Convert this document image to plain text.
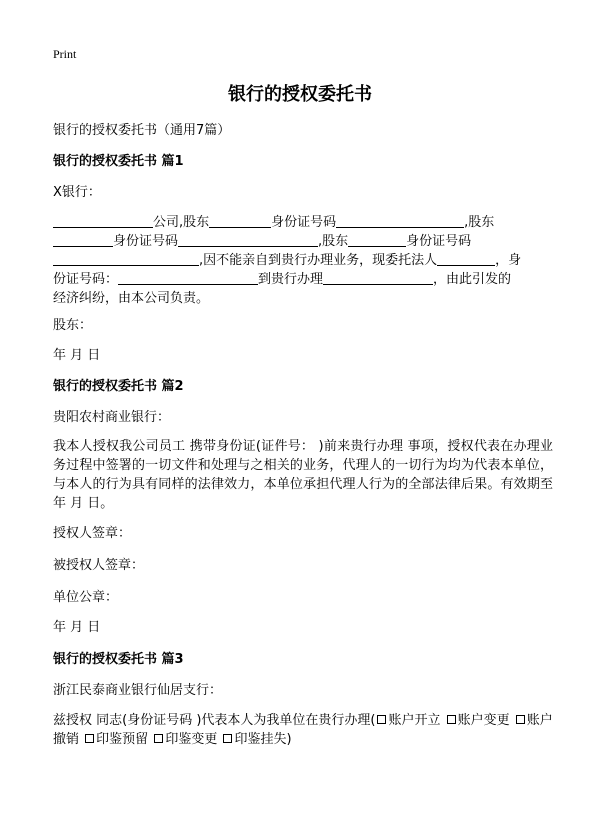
Print
银行的授权委托书

银行的授权委托书（通用7篇）

银行的授权委托书 篇1

X银行：

公司,股东	身份证号码	,股东
身份证号码	,股东	身份证号码
,因不能亲自到贵行办理业务，现委托法人	，身
份证号码：	到贵行办理	，由此引发的
经济纠纷，由本公司负责。

股东：

年 月 日

银行的授权委托书 篇2

贵阳农村商业银行：

我本人授权我公司员工 携带身份证(证件号： )前来贵行办理 事项，授权代表在办理业务过程中签署的一切文件和处理与之相关的业务，代理人的一切行为均为代表本单位，与本人的行为具有同样的法律效力，本单位承担代理人行为的全部法律后果。有效期至 年 月 日。

授权人签章：

被授权人签章：

单位公章：

年 月 日

银行的授权委托书 篇3

浙江民泰商业银行仙居支行：

兹授权 同志(身份证号码 )代表本人为我单位在贵行办理( 账户开立 账户变更 账户撤销 印鉴预留 印鉴变更 印鉴挂失)
